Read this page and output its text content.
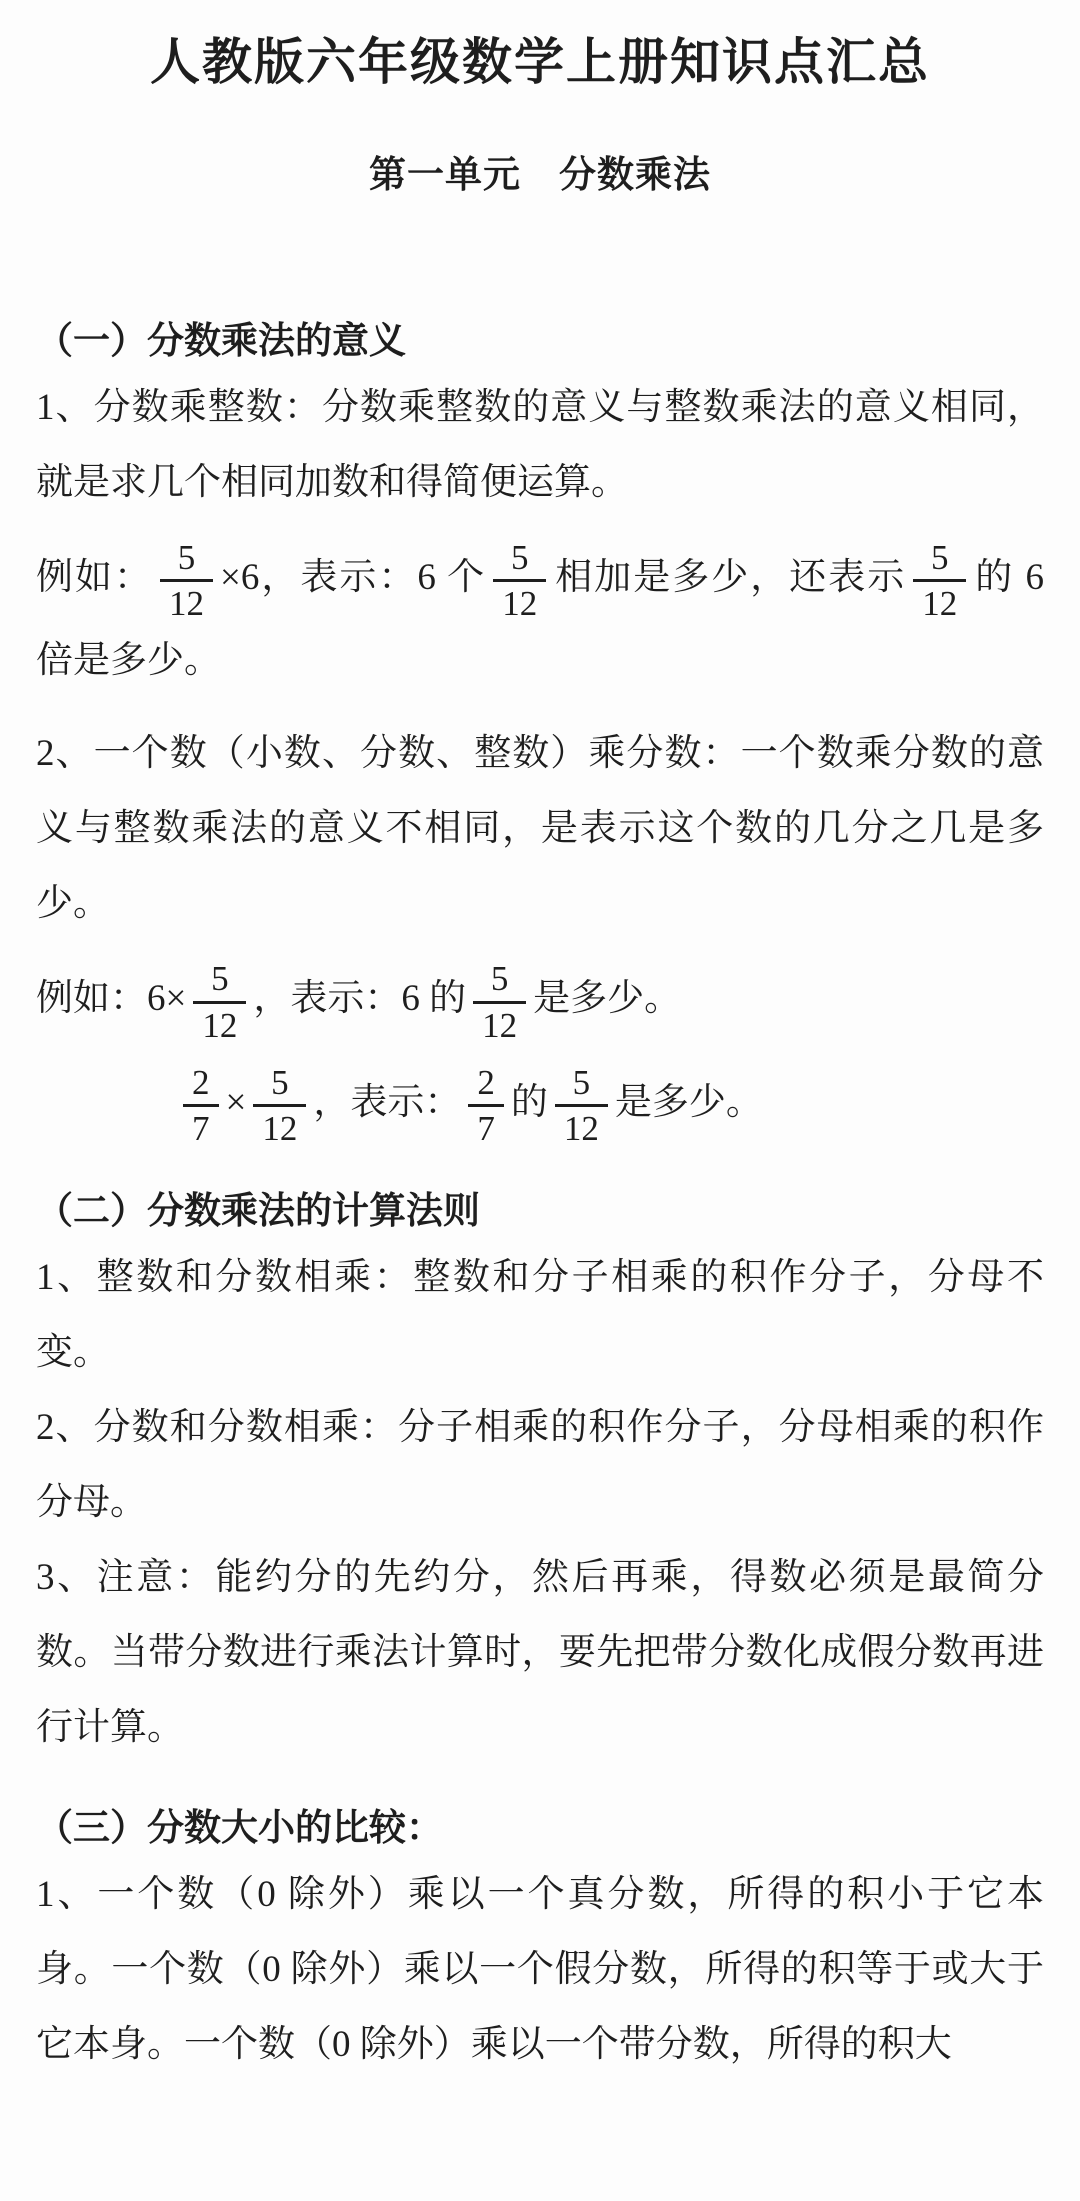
人教版六年级数学上册知识点汇总
第一单元　分数乘法
（一）分数乘法的意义

1、分数乘整数：分数乘整数的意义与整数乘法的意义相同，就是求几个相同加数和得简便运算。

例如： $\frac{5}{12} \times 6$，表示：6 个 $\frac{5}{12}$ 相加是多少，还表示 $\frac{5}{12}$ 的 6 倍是多少。

2、一个数（小数、分数、整数）乘分数：一个数乘分数的意义与整数乘法的意义不相同，是表示这个数的几分之几是多少。

例如：$6\times \frac{5}{12}$ ，表示：6 的 $\frac{5}{12}$ 是多少。

$\frac{2}{7} \times \frac{5}{12}$ ，表示： $\frac{2}{7}$ 的 $\frac{5}{12}$ 是多少。

（二）分数乘法的计算法则

1、整数和分数相乘：整数和分子相乘的积作分子，分母不变。

2、分数和分数相乘：分子相乘的积作分子，分母相乘的积作分母。

3、注意：能约分的先约分，然后再乘，得数必须是最简分数。当带分数进行乘法计算时，要先把带分数化成假分数再进行计算。

（三）分数大小的比较：

1、一个数（0 除外）乘以一个真分数，所得的积小于它本身。一个数（0 除外）乘以一个假分数，所得的积等于或大于它本身。一个数（0 除外）乘以一个带分数，所得的积大
